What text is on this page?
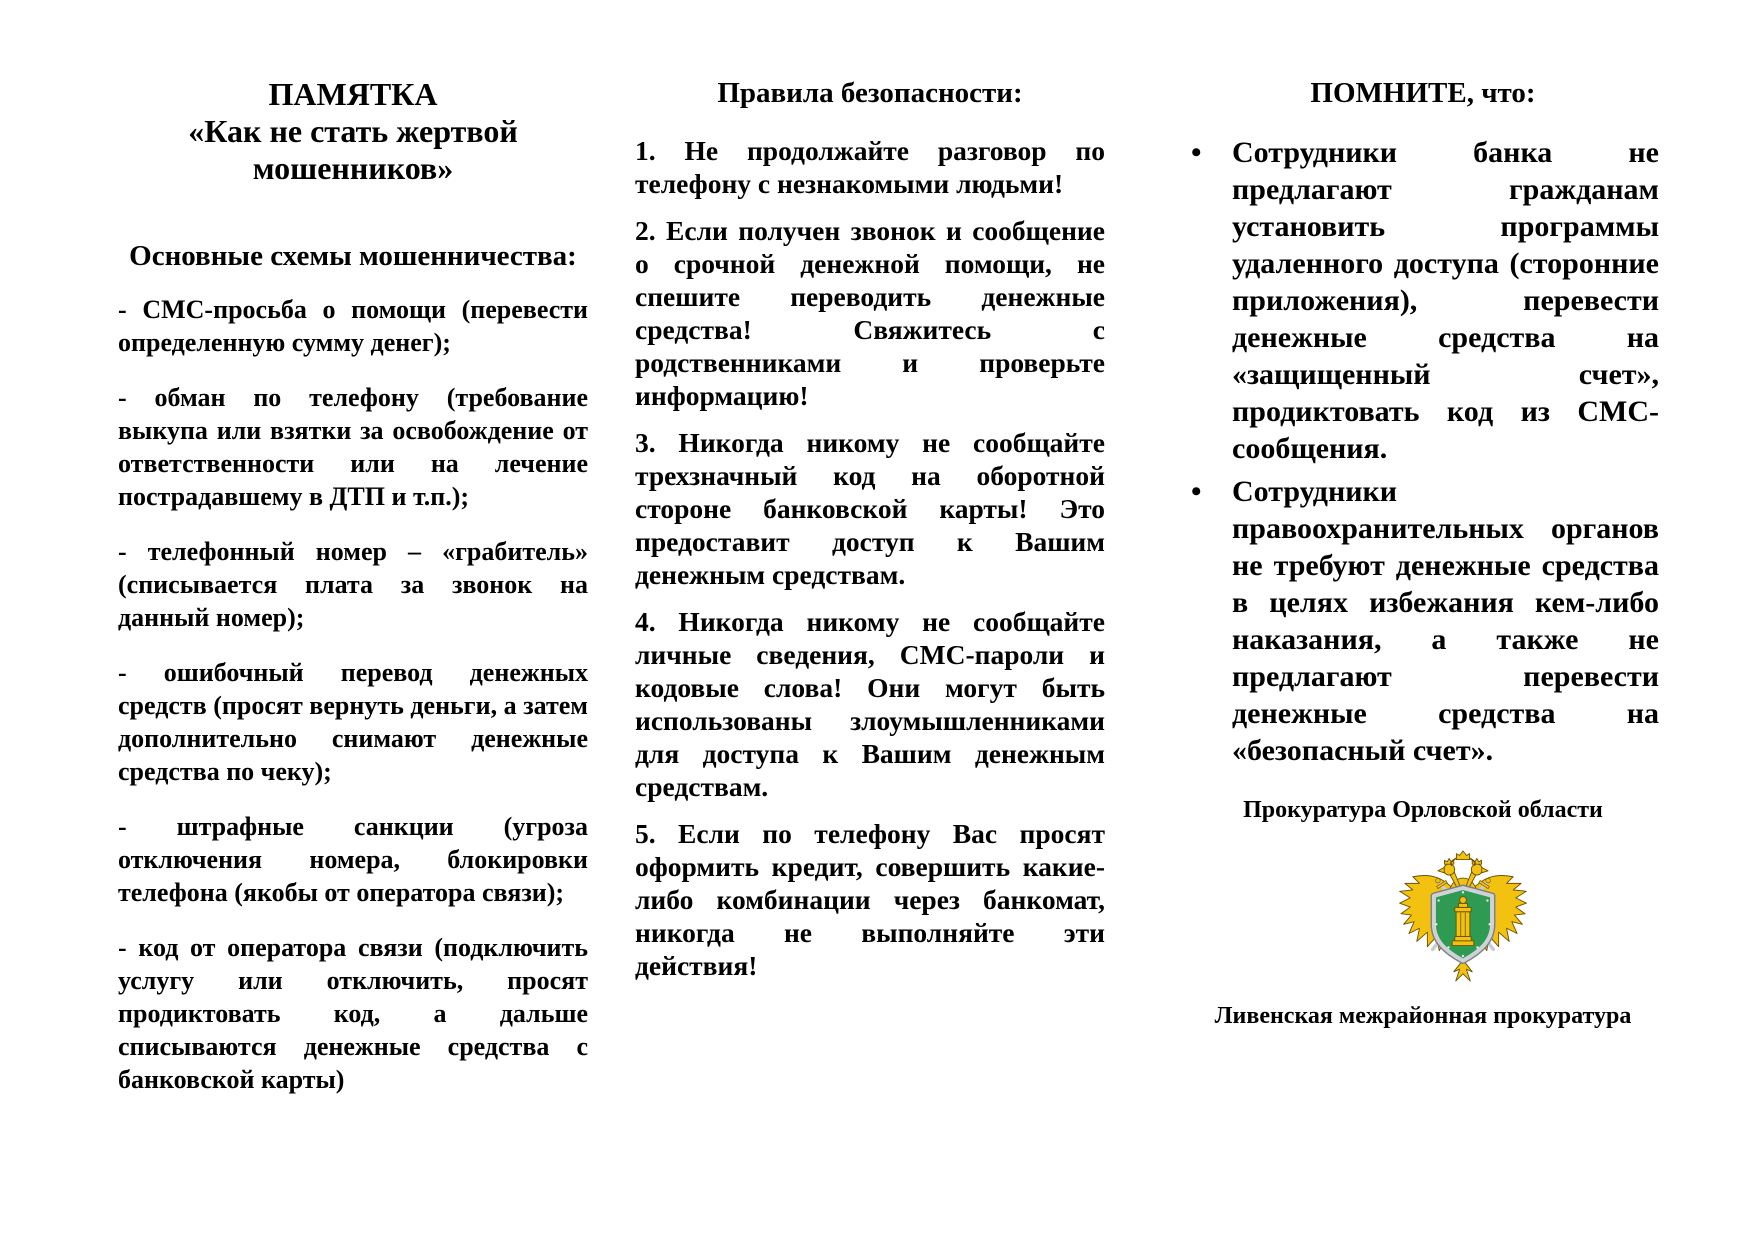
ПАМЯТКА
«Как не стать жертвой мошенников»
Основные схемы мошенничества:

- СМС-просьба о помощи (перевести определенную сумму денег);

- обман по телефону (требование выкупа или взятки за освобождение от ответственности или на лечение пострадавшему в ДТП и т.п.);

- телефонный номер – «грабитель» (списывается плата за звонок на данный номер);

- ошибочный перевод денежных средств (просят вернуть деньги, а затем дополнительно снимают денежные средства по чеку);

- штрафные санкции (угроза отключения номера, блокировки телефона (якобы от оператора связи);

- код от оператора связи (подключить услугу или отключить, просят продиктовать код, а дальше списываются денежные средства с банковской карты)

Правила безопасности:

1. Не продолжайте разговор по телефону с незнакомыми людьми!

2. Если получен звонок и сообщение о срочной денежной помощи, не спешите переводить денежные средства! Свяжитесь с родственниками и проверьте информацию!

3. Никогда никому не сообщайте трехзначный код на оборотной стороне банковской карты! Это предоставит доступ к Вашим денежным средствам.

4. Никогда никому не сообщайте личные сведения, СМС-пароли и кодовые слова! Они могут быть использованы злоумышленниками для доступа к Вашим денежным средствам.

5. Если по телефону Вас просят оформить кредит, совершить какие-либо комбинации через банкомат, никогда не выполняйте эти действия!

ПОМНИТЕ, что:
• Сотрудники банка не предлагают гражданам установить программы удаленного доступа (сторонние приложения), перевести денежные средства на «защищенный счет», продиктовать код из СМС-сообщения.
• Сотрудники правоохранительных органов не требуют денежные средства в целях избежания кем-либо наказания, а также не предлагают перевести денежные средства на «безопасный счет».

Прокуратура Орловской области

Ливенская межрайонная прокуратура
